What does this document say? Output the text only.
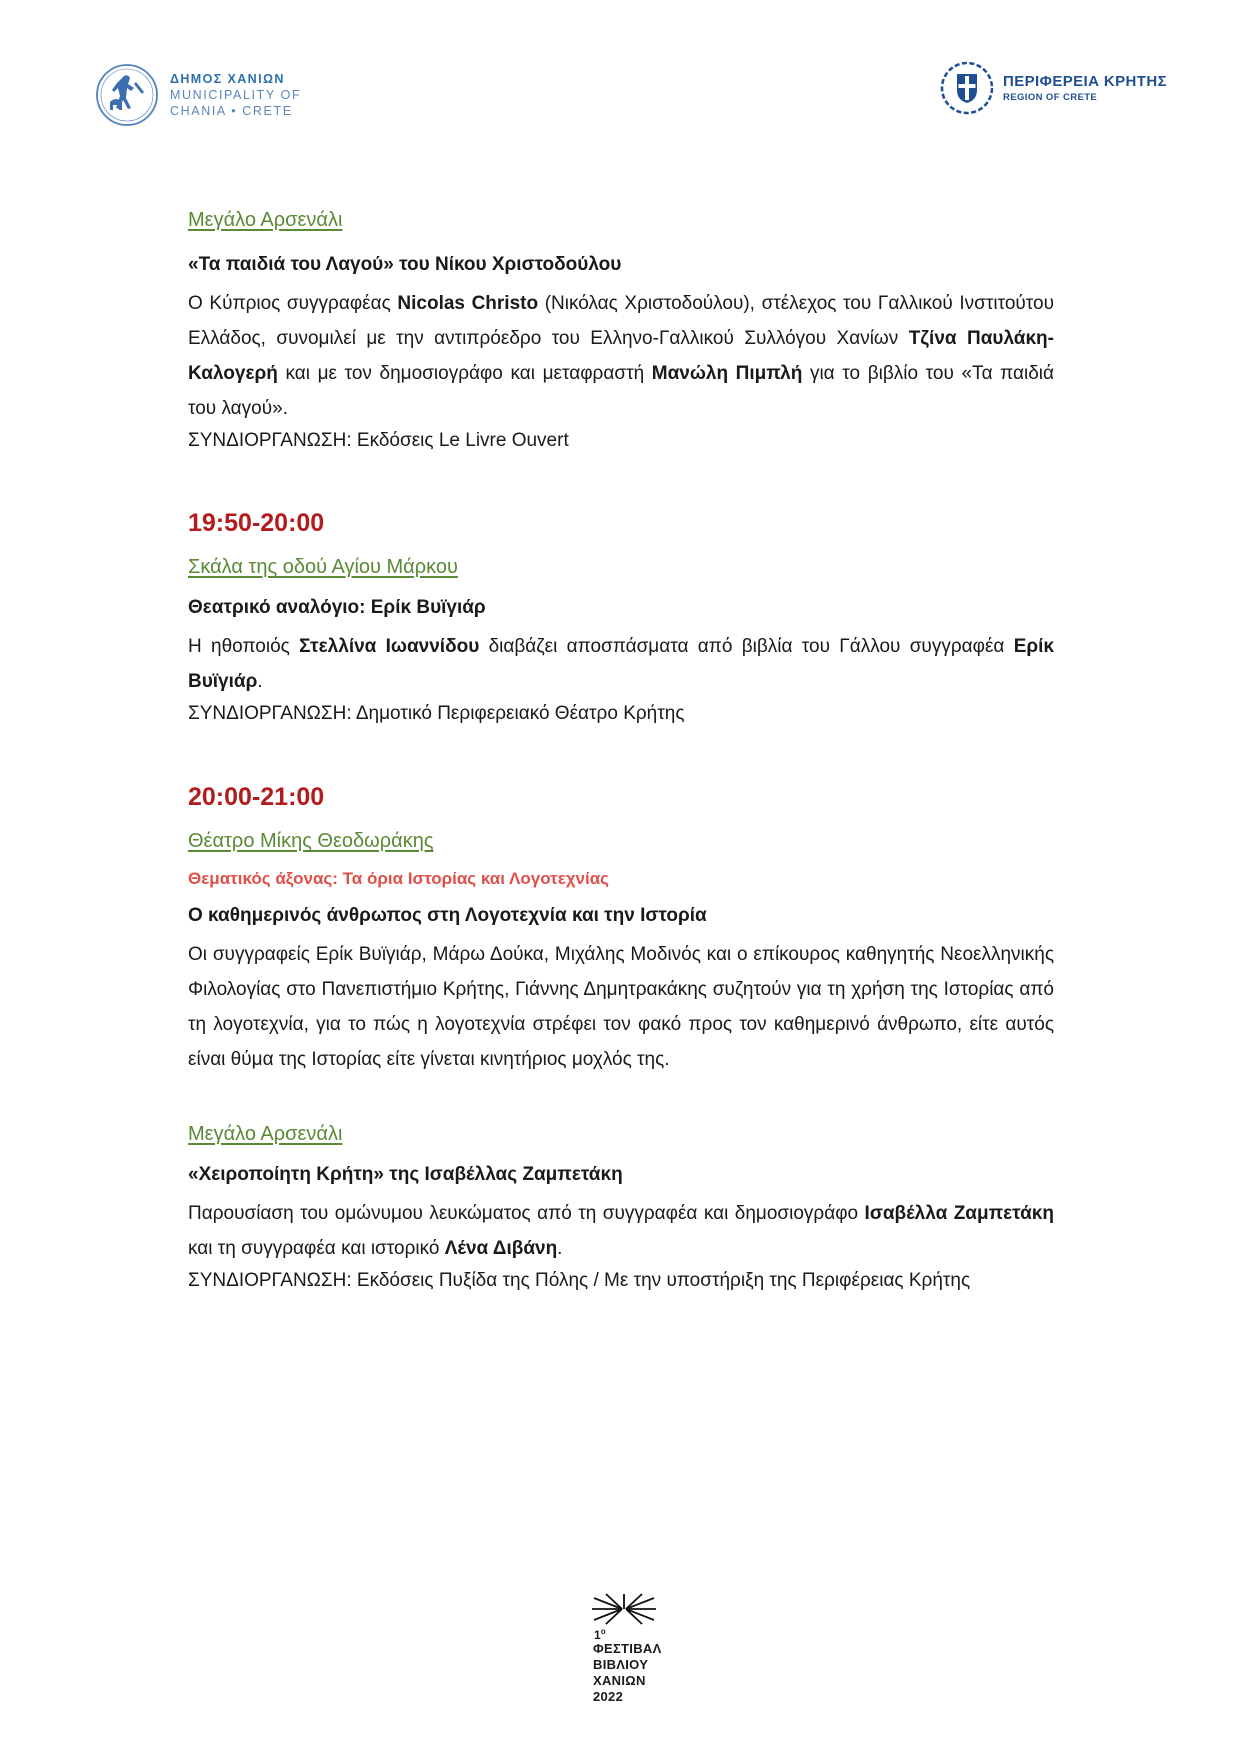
ΔΗΜΟΣ ΧΑΝΙΩΝ
MUNICIPALITY OF
CHANIA • CRETE
ΠΕΡΙΦΕΡΕΙΑ ΚΡΗΤΗΣ
REGION OF CRETE
Μεγάλο Αρσενάλι
«Τα παιδιά του Λαγού» του Νίκου Χριστοδούλου
Ο Κύπριος συγγραφέας Nicolas Christo (Νικόλας Χριστοδούλου), στέλεχος του Γαλλικού Ινστιτούτου Ελλάδος, συνομιλεί με την αντιπρόεδρο του Ελληνο-Γαλλικού Συλλόγου Χανίων Τζίνα Παυλάκη-Καλογερή και με τον δημοσιογράφο και μεταφραστή Μανώλη Πιμπλή για το βιβλίο του «Τα παιδιά του λαγού».
ΣΥΝΔΙΟΡΓΑΝΩΣΗ: Εκδόσεις Le Livre Ouvert
19:50-20:00
Σκάλα της οδού Αγίου Μάρκου
Θεατρικό αναλόγιο: Ερίκ Βυϊγιάρ
Η ηθοποιός Στελλίνα Ιωαννίδου διαβάζει αποσπάσματα από βιβλία του Γάλλου συγγραφέα Ερίκ Βυϊγιάρ.
ΣΥΝΔΙΟΡΓΑΝΩΣΗ: Δημοτικό Περιφερειακό Θέατρο Κρήτης
20:00-21:00
Θέατρο Μίκης Θεοδωράκης
Θεματικός άξονας: Τα όρια Ιστορίας και Λογοτεχνίας
Ο καθημερινός άνθρωπος στη Λογοτεχνία και την Ιστορία
Οι συγγραφείς Ερίκ Βυϊγιάρ, Μάρω Δούκα, Μιχάλης Μοδινός και ο επίκουρος καθηγητής Νεοελληνικής Φιλολογίας στο Πανεπιστήμιο Κρήτης, Γιάννης Δημητρακάκης συζητούν για τη χρήση της Ιστορίας από τη λογοτεχνία, για το πώς η λογοτεχνία στρέφει τον φακό προς τον καθημερινό άνθρωπο, είτε αυτός είναι θύμα της Ιστορίας είτε γίνεται κινητήριος μοχλός της.
Μεγάλο Αρσενάλι
«Χειροποίητη Κρήτη» της Ισαβέλλας Ζαμπετάκη
Παρουσίαση του ομώνυμου λευκώματος από τη συγγραφέα και δημοσιογράφο Ισαβέλλα Ζαμπετάκη και τη συγγραφέα και ιστορικό Λένα Διβάνη.
ΣΥΝΔΙΟΡΓΑΝΩΣΗ: Εκδόσεις Πυξίδα της Πόλης / Με την υποστήριξη της Περιφέρειας Κρήτης
$1^o$
ΦΕΣΤΙΒΑΛ
ΒΙΒΛΙΟΥ
ΧΑΝΙΩΝ
2022
